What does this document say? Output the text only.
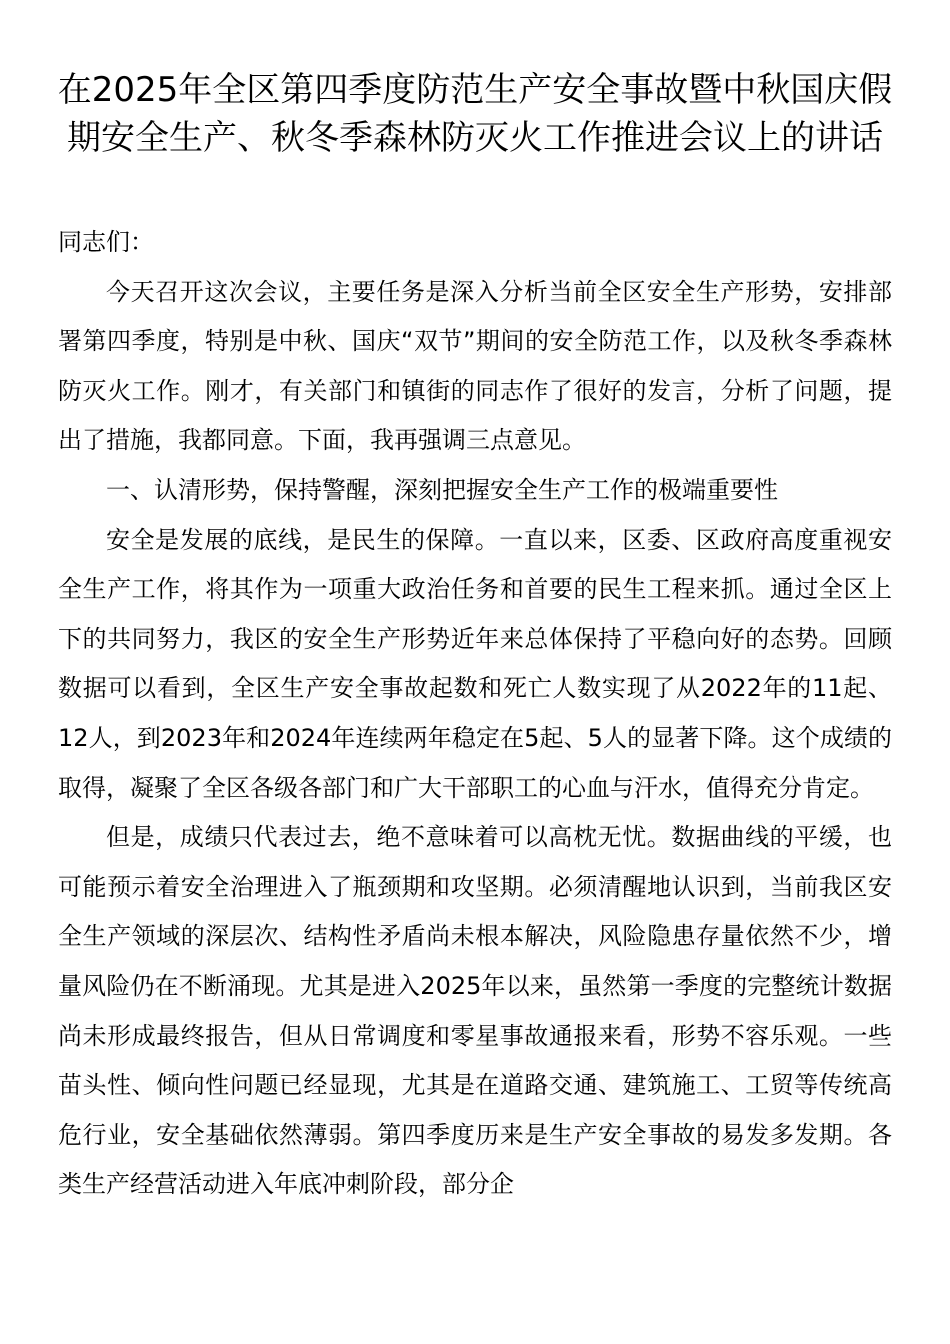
在2025年全区第四季度防范生产安全事故暨中秋国庆假期安全生产、秋冬季森林防灭火工作推进会议上的讲话

同志们：

今天召开这次会议，主要任务是深入分析当前全区安全生产形势，安排部署第四季度，特别是中秋、国庆“双节”期间的安全防范工作，以及秋冬季森林防灭火工作。刚才，有关部门和镇街的同志作了很好的发言，分析了问题，提出了措施，我都同意。下面，我再强调三点意见。

一、认清形势，保持警醒，深刻把握安全生产工作的极端重要性

安全是发展的底线，是民生的保障。一直以来，区委、区政府高度重视安全生产工作，将其作为一项重大政治任务和首要的民生工程来抓。通过全区上下的共同努力，我区的安全生产形势近年来总体保持了平稳向好的态势。回顾数据可以看到，全区生产安全事故起数和死亡人数实现了从2022年的11起、12人，到2023年和2024年连续两年稳定在5起、5人的显著下降。这个成绩的取得，凝聚了全区各级各部门和广大干部职工的心血与汗水，值得充分肯定。

但是，成绩只代表过去，绝不意味着可以高枕无忧。数据曲线的平缓，也可能预示着安全治理进入了瓶颈期和攻坚期。必须清醒地认识到，当前我区安全生产领域的深层次、结构性矛盾尚未根本解决，风险隐患存量依然不少，增量风险仍在不断涌现。尤其是进入2025年以来，虽然第一季度的完整统计数据尚未形成最终报告，但从日常调度和零星事故通报来看，形势不容乐观。一些苗头性、倾向性问题已经显现，尤其是在道路交通、建筑施工、工贸等传统高危行业，安全基础依然薄弱。第四季度历来是生产安全事故的易发多发期。各类生产经营活动进入年底冲刺阶段，部分企
